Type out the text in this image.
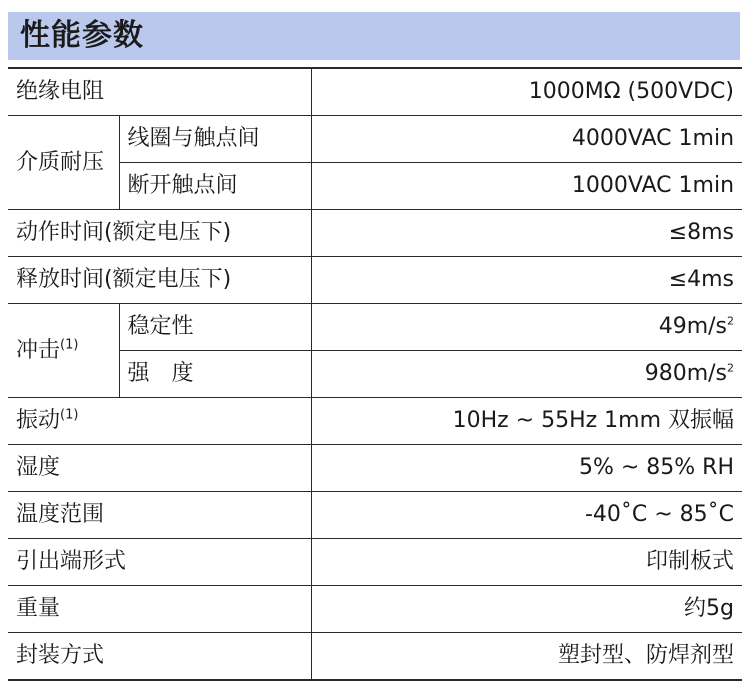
性能参数
绝缘电阻		1000MΩ (500VDC)
介质耐压	线圈与触点间	4000VAC 1min
	断开触点间	1000VAC 1min
动作时间(额定电压下)		≤8ms
释放时间(额定电压下)		≤4ms
冲击$^{(1)}$	稳定性	$49m/s^2$
	强　度	$980m/s^2$
振动$^{(1)}$		10Hz ~ 55Hz 1mm 双振幅
湿度		5% ~ 85% RH
温度范围		-40˚C ~ 85˚C
引出端形式		印制板式
重量		约5g
封装方式		塑封型、防焊剂型
